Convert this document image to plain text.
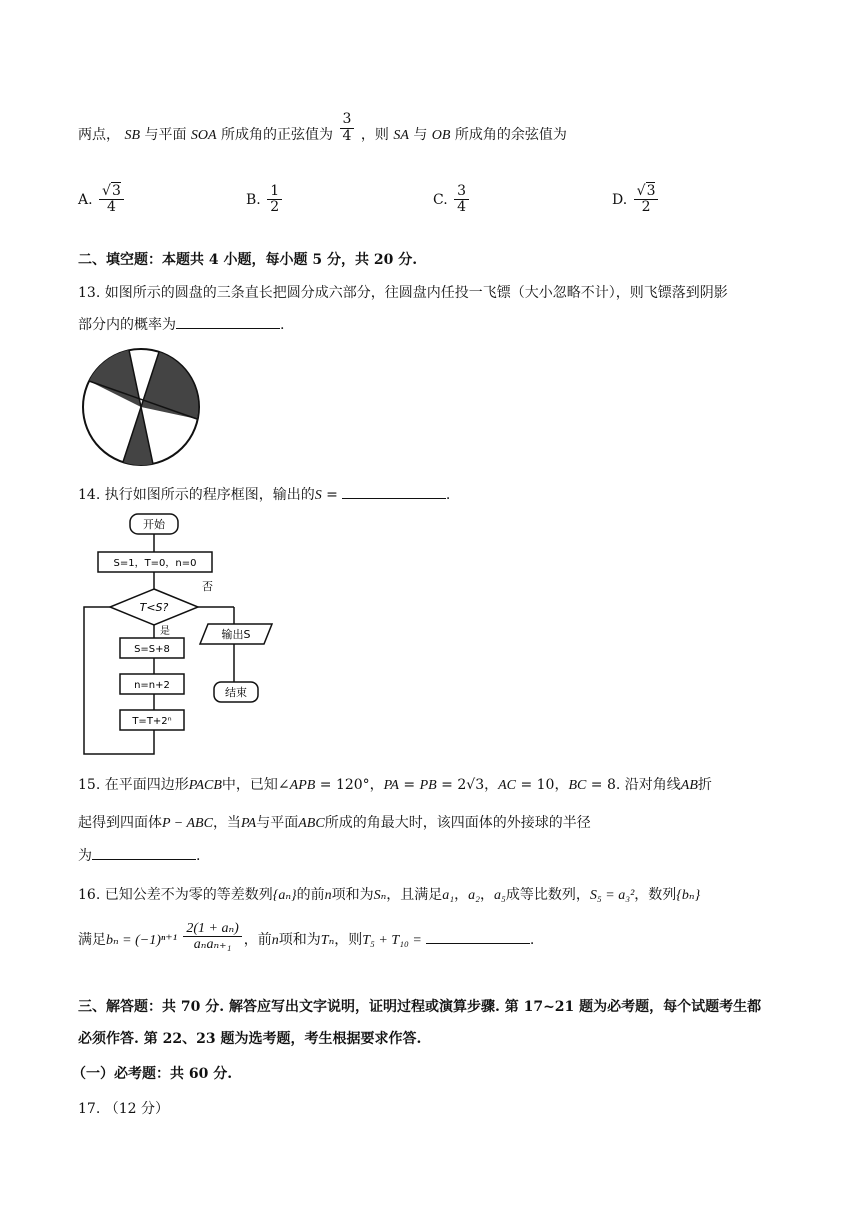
两点， SB 与平面 SOA 所成角的正弦值为 $\frac{3}{4}$ ，则 SA 与 OB 所成角的余弦值为
A. $\frac{√3}{4}$	B. $\frac{1}{2}$	C. $\frac{3}{4}$	D. $\frac{√3}{2}$
二、填空题：本题共 4 小题，每小题 5 分，共 20 分.
13. 如图所示的圆盘的三条直长把圆分成六部分，往圆盘内任投一飞镖（大小忽略不计），则飞镖落到阴影
部分内的概率为	.
14. 执行如图所示的程序框图，输出的S =	.
开始
S=1，T=0，n=0
T<S?
否
是
S=S+8
n=n+2
T=T+2ⁿ
输出S
结束
15. 在平面四边形PACB中，已知∠APB = 120°，PA = PB = 2√3，AC = 10，BC = 8. 沿对角线AB折
起得到四面体P − ABC，当PA与平面ABC所成的角最大时，该四面体的外接球的半径
为	.
16. 已知公差不为零的等差数列{aₙ}的前n项和为Sₙ，且满足a₁，a₂，a₅成等比数列，S₅ = a₃²，数列{bₙ}
满足$b_n = (-1)^{n+1} \frac{\text{2(1 + aₙ)}}{\text{aₙaₙ₊₁}}$ ，前n项和为Tₙ，则T₅ + T₁₀ =	.
三、解答题：共 70 分. 解答应写出文字说明，证明过程或演算步骤. 第 17~21 题为必考题，每个试题考生都
必须作答. 第 22、23 题为选考题，考生根据要求作答.
（一）必考题：共 60 分.
17. （12 分）
